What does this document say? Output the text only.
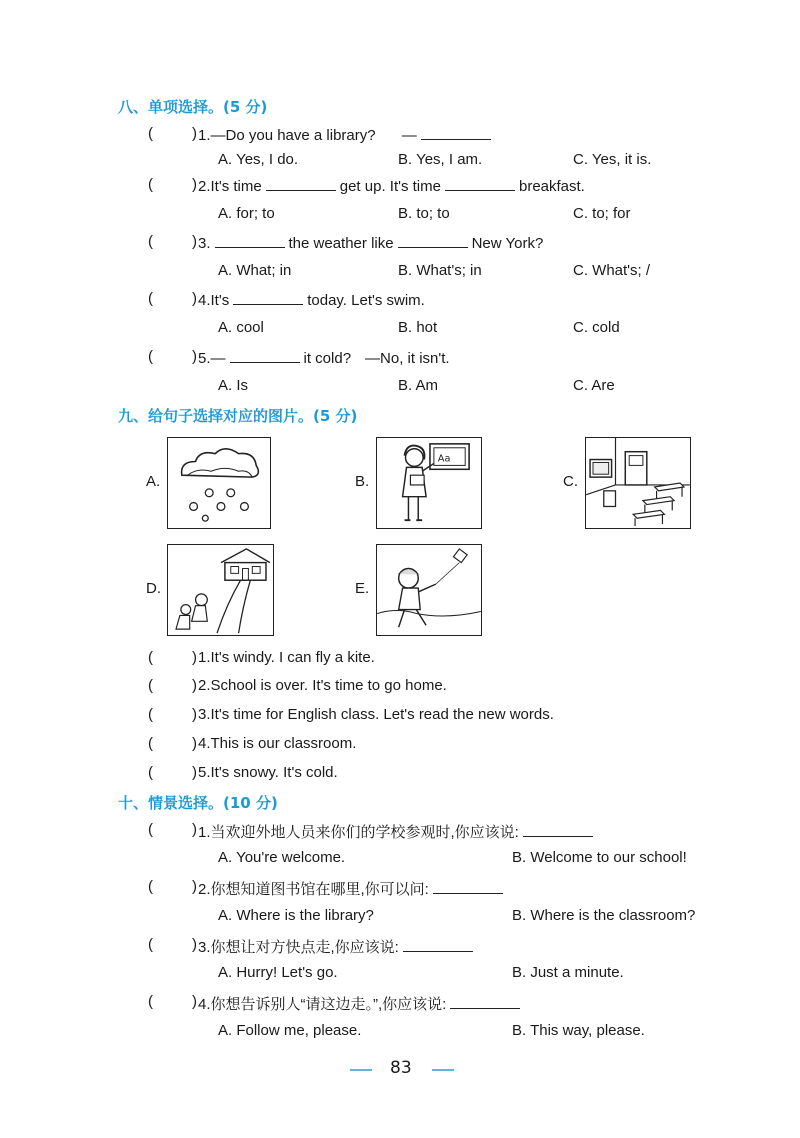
八、单项选择。(5 分)
(	) 1.—Do you have a library? —
A. Yes, I do.	B. Yes, I am.	C. Yes, it is.
(	) 2.It's time	get up. It's time	breakfast.
A. for; to	B. to; to	C. to; for
(	) 3.	the weather like	New York?
A. What; in	B. What's; in	C. What's; /
(	) 4.It's	today. Let's swim.
A. cool	B. hot	C. cold
(	) 5.—	it cold? —No, it isn't.
A. Is	B. Am	C. Are
九、给句子选择对应的图片。(5 分)
A.	B.
Aa
C.
D.	E.
(	) 1.It's windy. I can fly a kite.
(	) 2.School is over. It's time to go home.
(	) 3.It's time for English class. Let's read the new words.
(	) 4.This is our classroom.
(	) 5.It's snowy. It's cold.
十、情景选择。(10 分)
(	) 1.当欢迎外地人员来你们的学校参观时,你应该说:
A. You're welcome.	B. Welcome to our school!
(	) 2.你想知道图书馆在哪里,你可以问:
A. Where is the library?	B. Where is the classroom?
(	) 3.你想让对方快点走,你应该说:
A. Hurry! Let's go.	B. Just a minute.
(	) 4.你想告诉别人“请这边走。”,你应该说:
A. Follow me, please.	B. This way, please.
83
